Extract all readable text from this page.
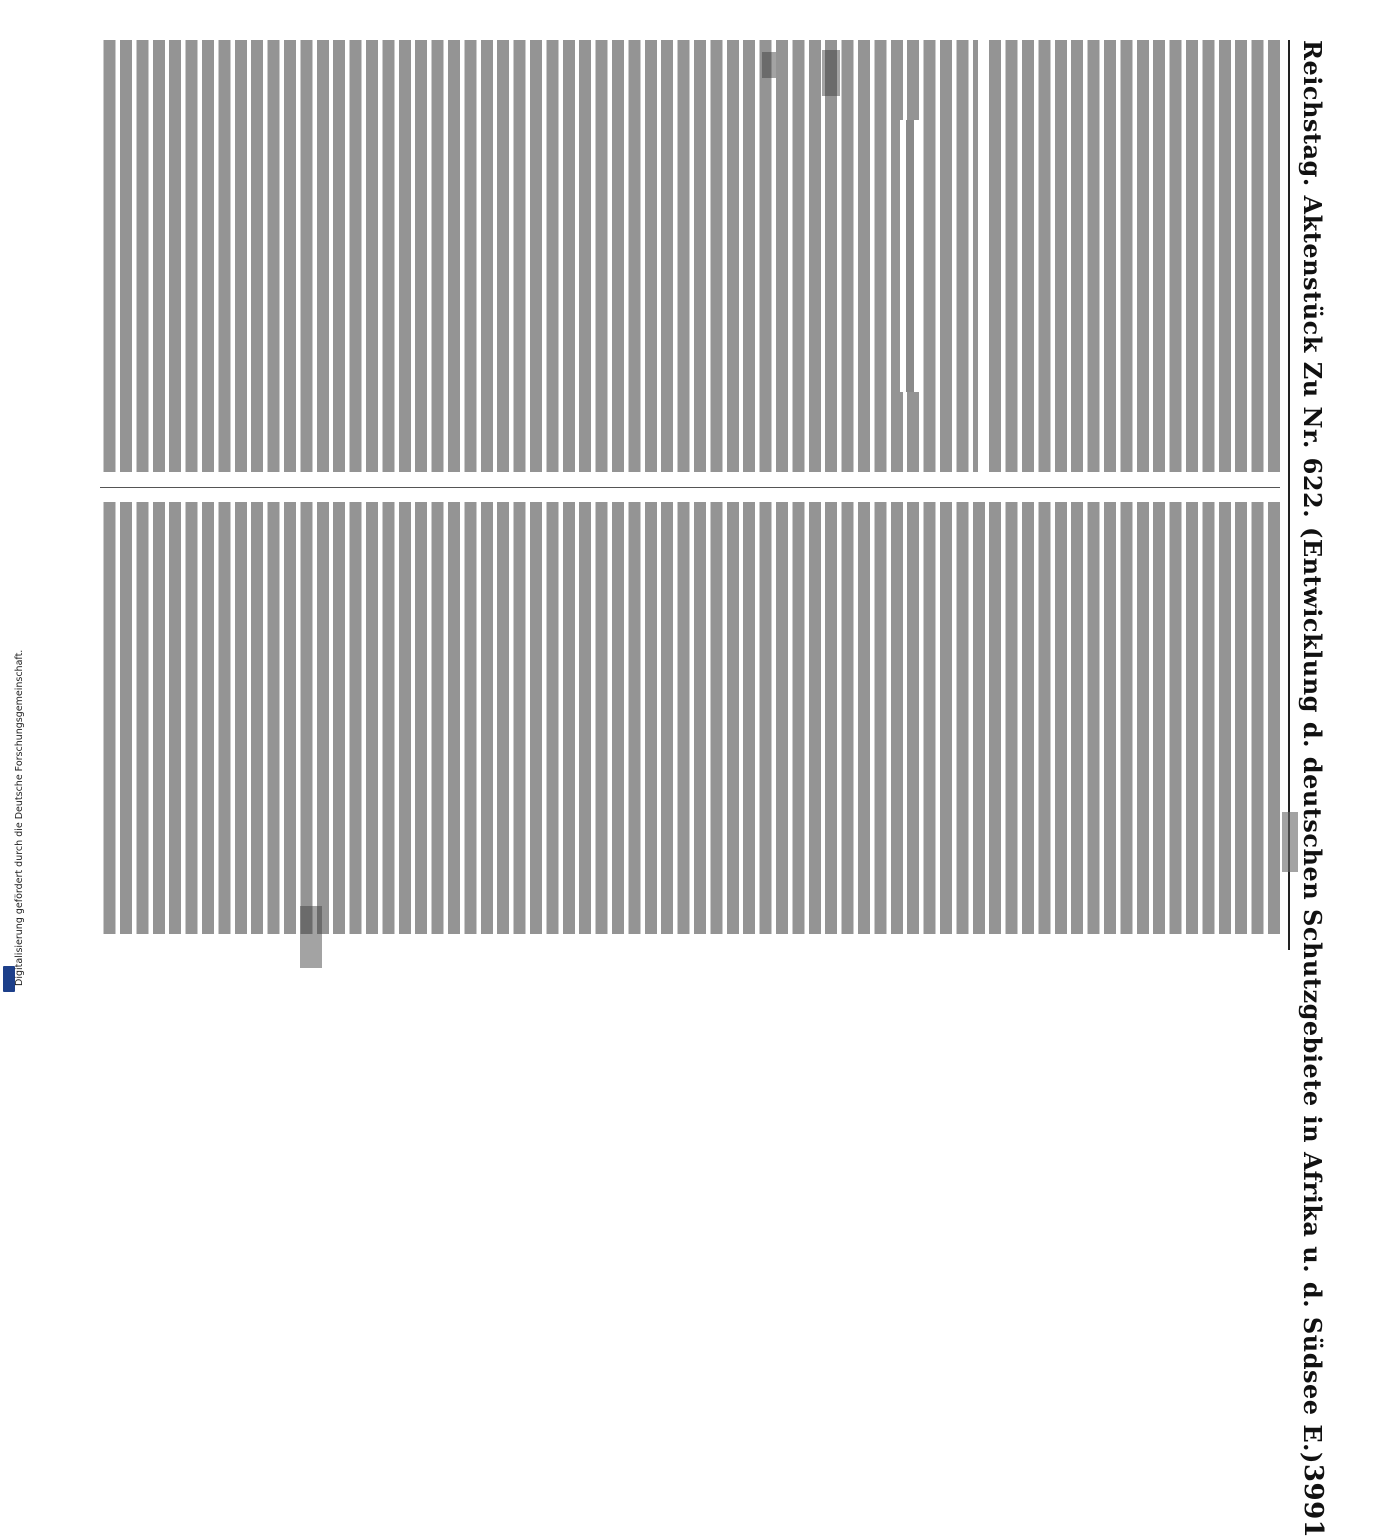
Digitalisierung gefördert durch die Deutsche Forschungsgemeinschaft.	Reichstag. Aktenstück Zu Nr. 622. (Entwicklung d. deutschen Schutzgebiete in Afrika u. d. Südsee E.)
3991
